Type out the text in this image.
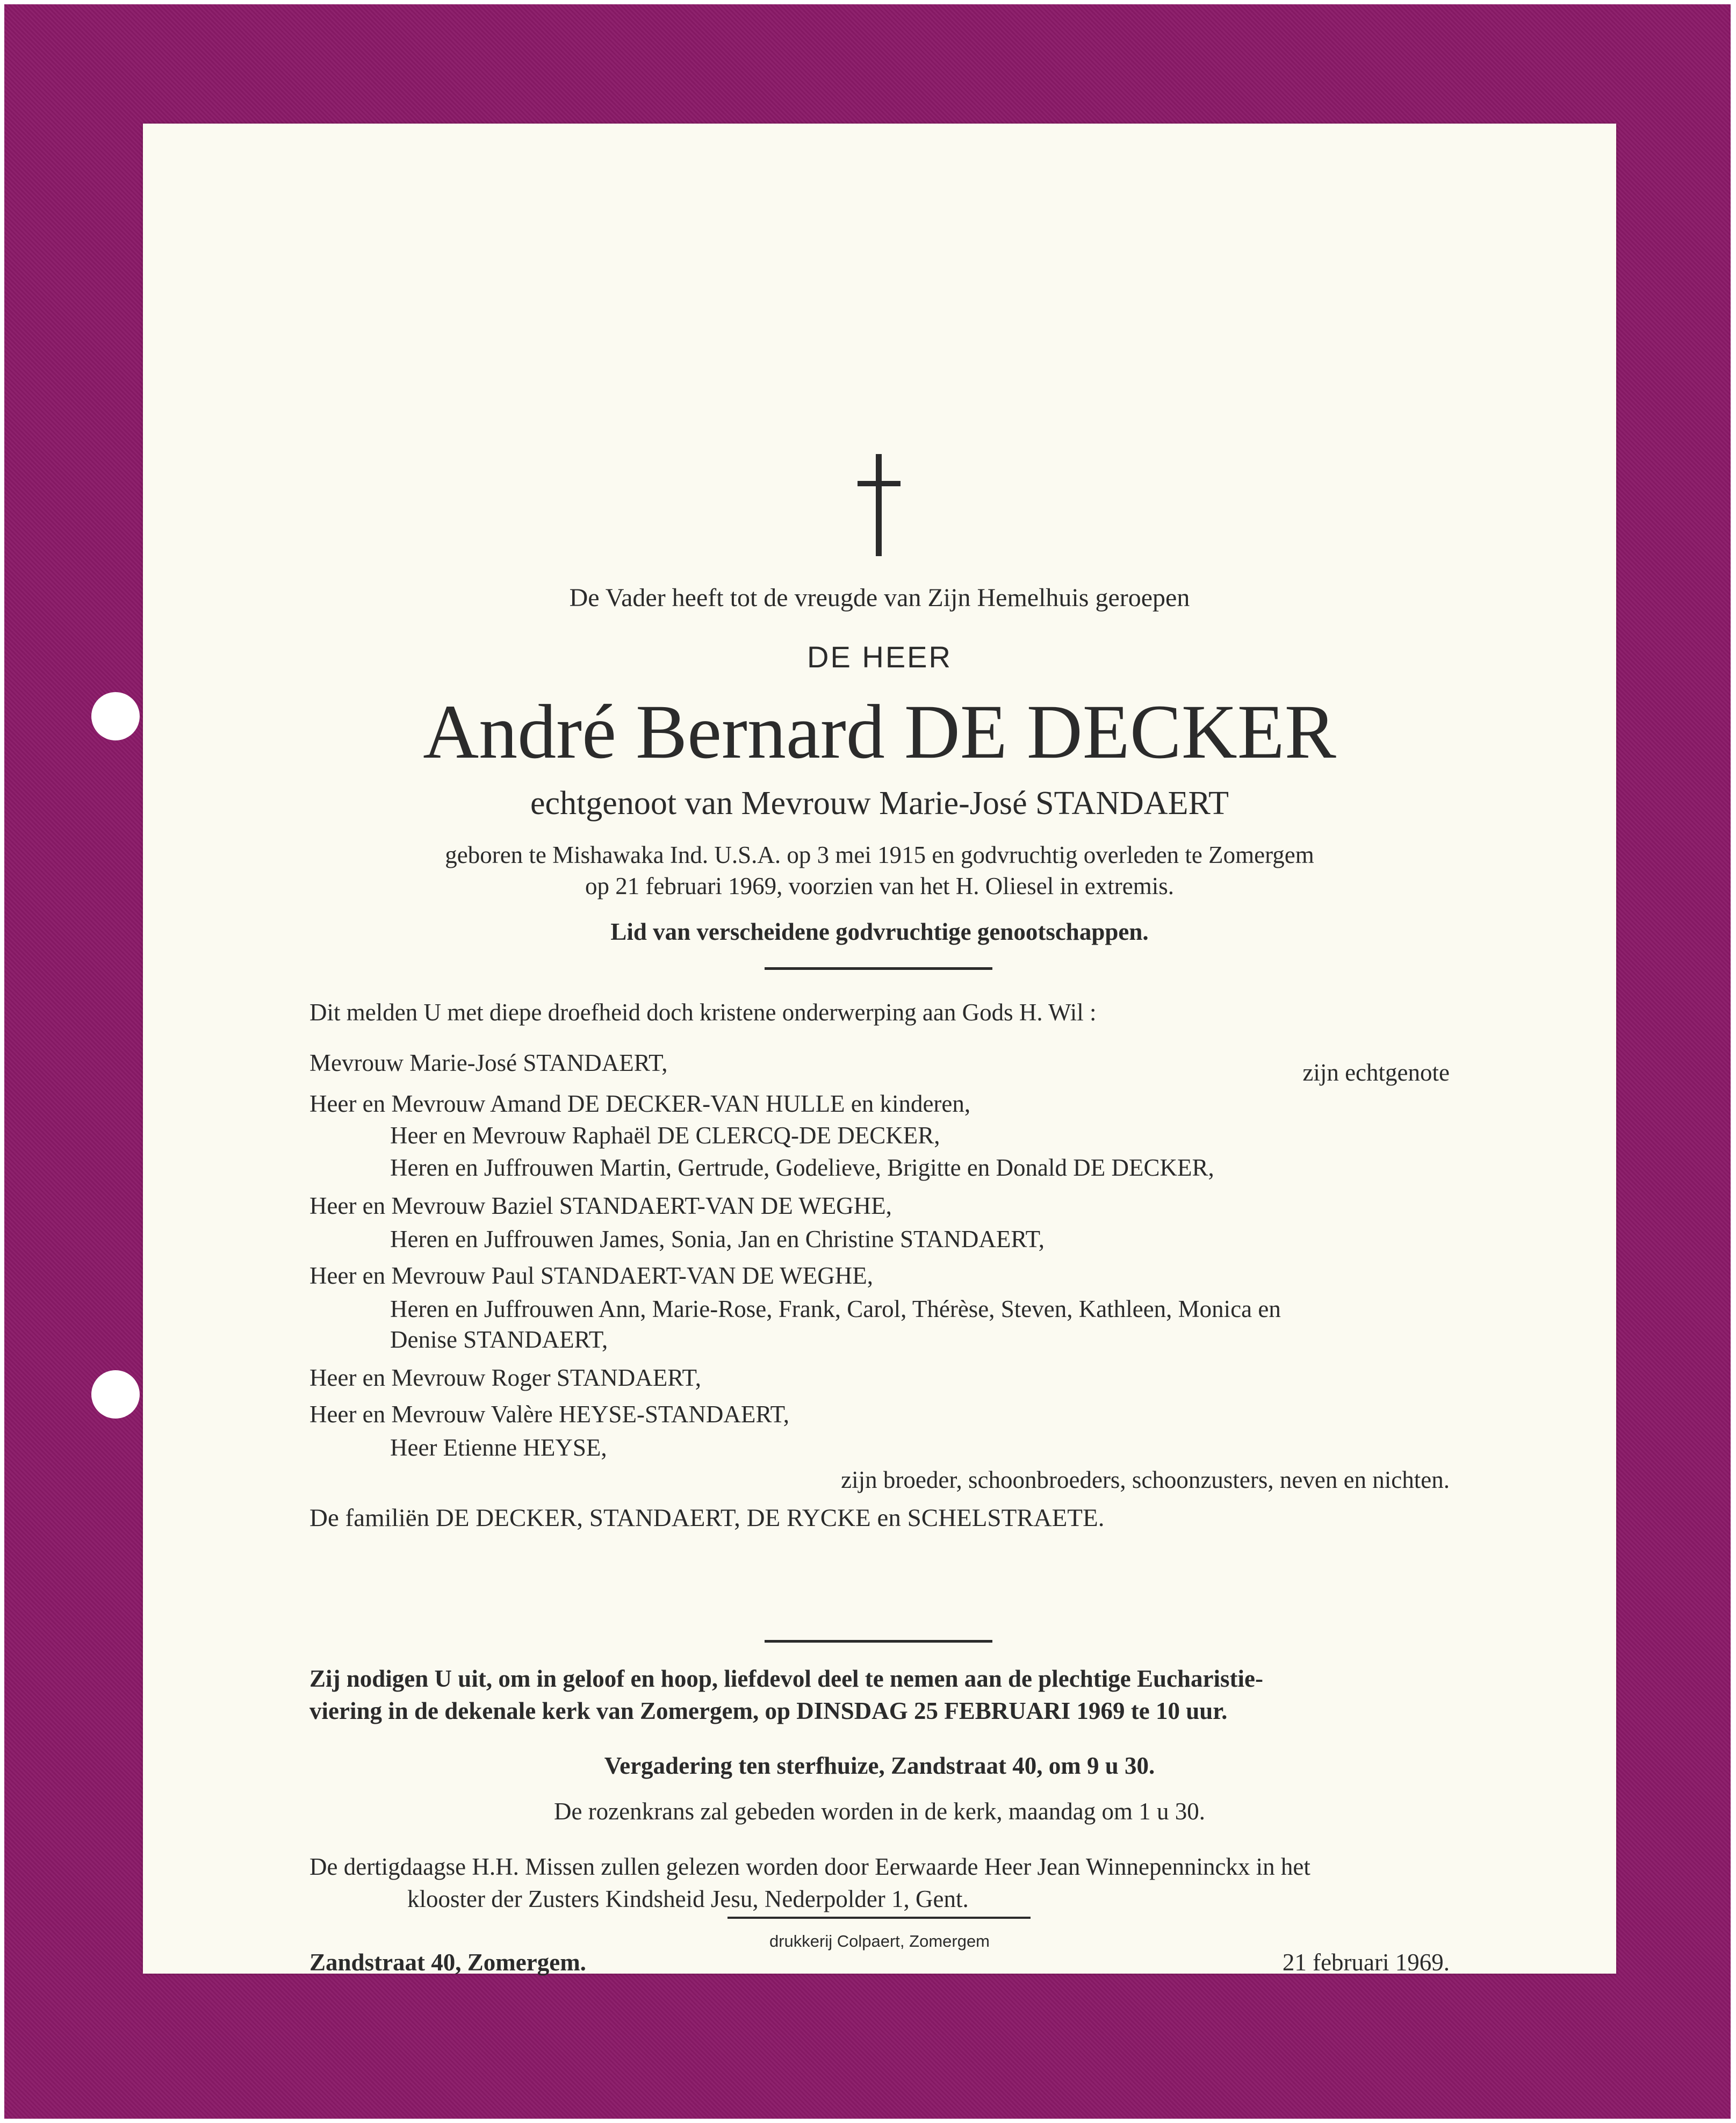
De Vader heeft tot de vreugde van Zijn Hemelhuis geroepen

DE HEER

André Bernard DE DECKER

echtgenoot van Mevrouw Marie-José STANDAERT

geboren te Mishawaka Ind. U.S.A. op 3 mei 1915 en godvruchtig overleden te Zomergem

op 21 februari 1969, voorzien van het H. Oliesel in extremis.

Lid van verscheidene godvruchtige genootschappen.

Dit melden U met diepe droefheid doch kristene onderwerping aan Gods H. Wil :

Mevrouw Marie-José STANDAERT,	zijn echtgenote

Heer en Mevrouw Amand DE DECKER-VAN HULLE en kinderen,

Heer en Mevrouw Raphaël DE CLERCQ-DE DECKER,

Heren en Juffrouwen Martin, Gertrude, Godelieve, Brigitte en Donald DE DECKER,

Heer en Mevrouw Baziel STANDAERT-VAN DE WEGHE,

Heren en Juffrouwen James, Sonia, Jan en Christine STANDAERT,

Heer en Mevrouw Paul STANDAERT-VAN DE WEGHE,

Heren en Juffrouwen Ann, Marie-Rose, Frank, Carol, Thérèse, Steven, Kathleen, Monica en

Denise STANDAERT,

Heer en Mevrouw Roger STANDAERT,

Heer en Mevrouw Valère HEYSE-STANDAERT,

Heer Etienne HEYSE,

zijn broeder, schoonbroeders, schoonzusters, neven en nichten.

De familiën DE DECKER, STANDAERT, DE RYCKE en SCHELSTRAETE.

Zij nodigen U uit, om in geloof en hoop, liefdevol deel te nemen aan de plechtige Eucharistie-

viering in de dekenale kerk van Zomergem, op DINSDAG 25 FEBRUARI 1969 te 10 uur.

Vergadering ten sterfhuize, Zandstraat 40, om 9 u 30.

De rozenkrans zal gebeden worden in de kerk, maandag om 1 u 30.

De dertigdaagse H.H. Missen zullen gelezen worden door Eerwaarde Heer Jean Winnepenninckx in het

klooster der Zusters Kindsheid Jesu, Nederpolder 1, Gent.

Zandstraat 40, Zomergem.	21 februari 1969.

drukkerij Colpaert, Zomergem
